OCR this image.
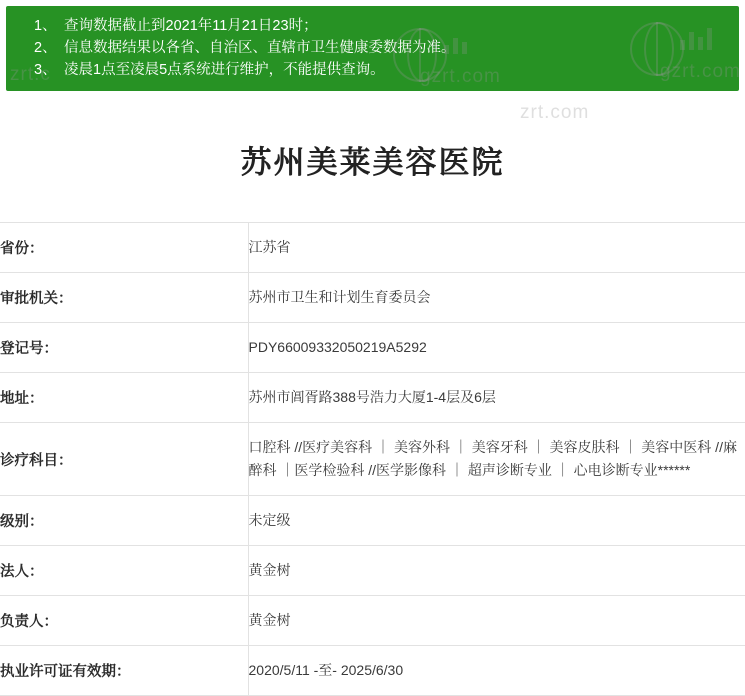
zrt.c	gzrt.com	gzrt.com
zrt.com
查询数据截止到2021年11月21日23时；
信息数据结果以各省、自治区、直辖市卫生健康委数据为准。
凌晨1点至凌晨5点系统进行维护，不能提供查询。
苏州美莱美容医院
省份：	江苏省
审批机关：	苏州市卫生和计划生育委员会
登记号：	PDY66009332050219A5292
地址：	苏州市阊胥路388号浩力大厦1-4层及6层
诊疗科目：	口腔科 //医疗美容科 ｜ 美容外科 ｜ 美容牙科 ｜ 美容皮肤科 ｜ 美容中医科 //麻醉科 ｜医学检验科 //医学影像科 ｜ 超声诊断专业 ｜ 心电诊断专业******
级别：	未定级
法人：	黄金树
负责人：	黄金树
执业许可证有效期：	2020/5/11 -至- 2025/6/30
